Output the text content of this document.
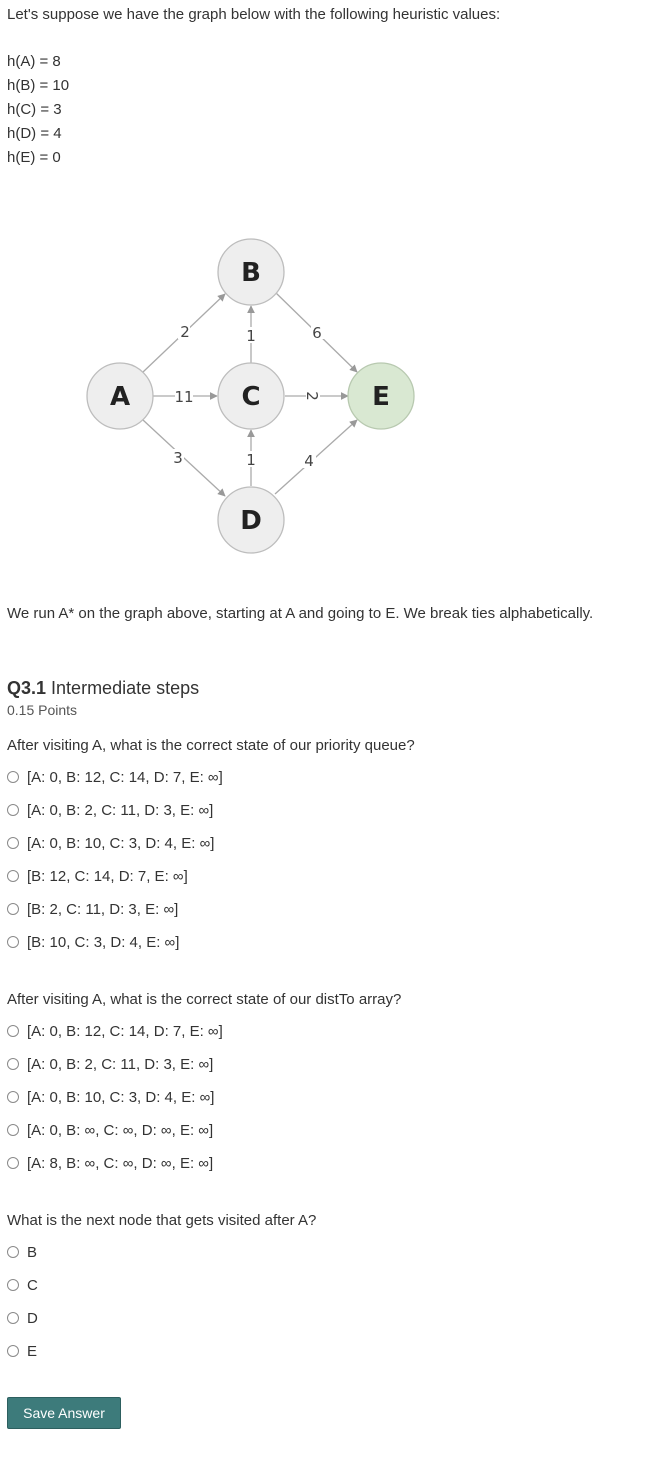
Let's suppose we have the graph below with the following heuristic values:
h(A) = 8
h(B) = 10
h(C) = 3
h(D) = 4
h(E) = 0
2
11
3
1
1
9
2
4
B
A	C	E
D
We run A* on the graph above, starting at A and going to E. We break ties alphabetically.
Q3.1 Intermediate steps
0.15 Points
After visiting A, what is the correct state of our priority queue?
[A: 0, B: 12, C: 14, D: 7, E: ∞]
[A: 0, B: 2, C: 11, D: 3, E: ∞]
[A: 0, B: 10, C: 3, D: 4, E: ∞]
[B: 12, C: 14, D: 7, E: ∞]
[B: 2, C: 11, D: 3, E: ∞]
[B: 10, C: 3, D: 4, E: ∞]
After visiting A, what is the correct state of our distTo array?
[A: 0, B: 12, C: 14, D: 7, E: ∞]
[A: 0, B: 2, C: 11, D: 3, E: ∞]
[A: 0, B: 10, C: 3, D: 4, E: ∞]
[A: 0, B: ∞, C: ∞, D: ∞, E: ∞]
[A: 8, B: ∞, C: ∞, D: ∞, E: ∞]
What is the next node that gets visited after A?
B
C
D
E
Save Answer
